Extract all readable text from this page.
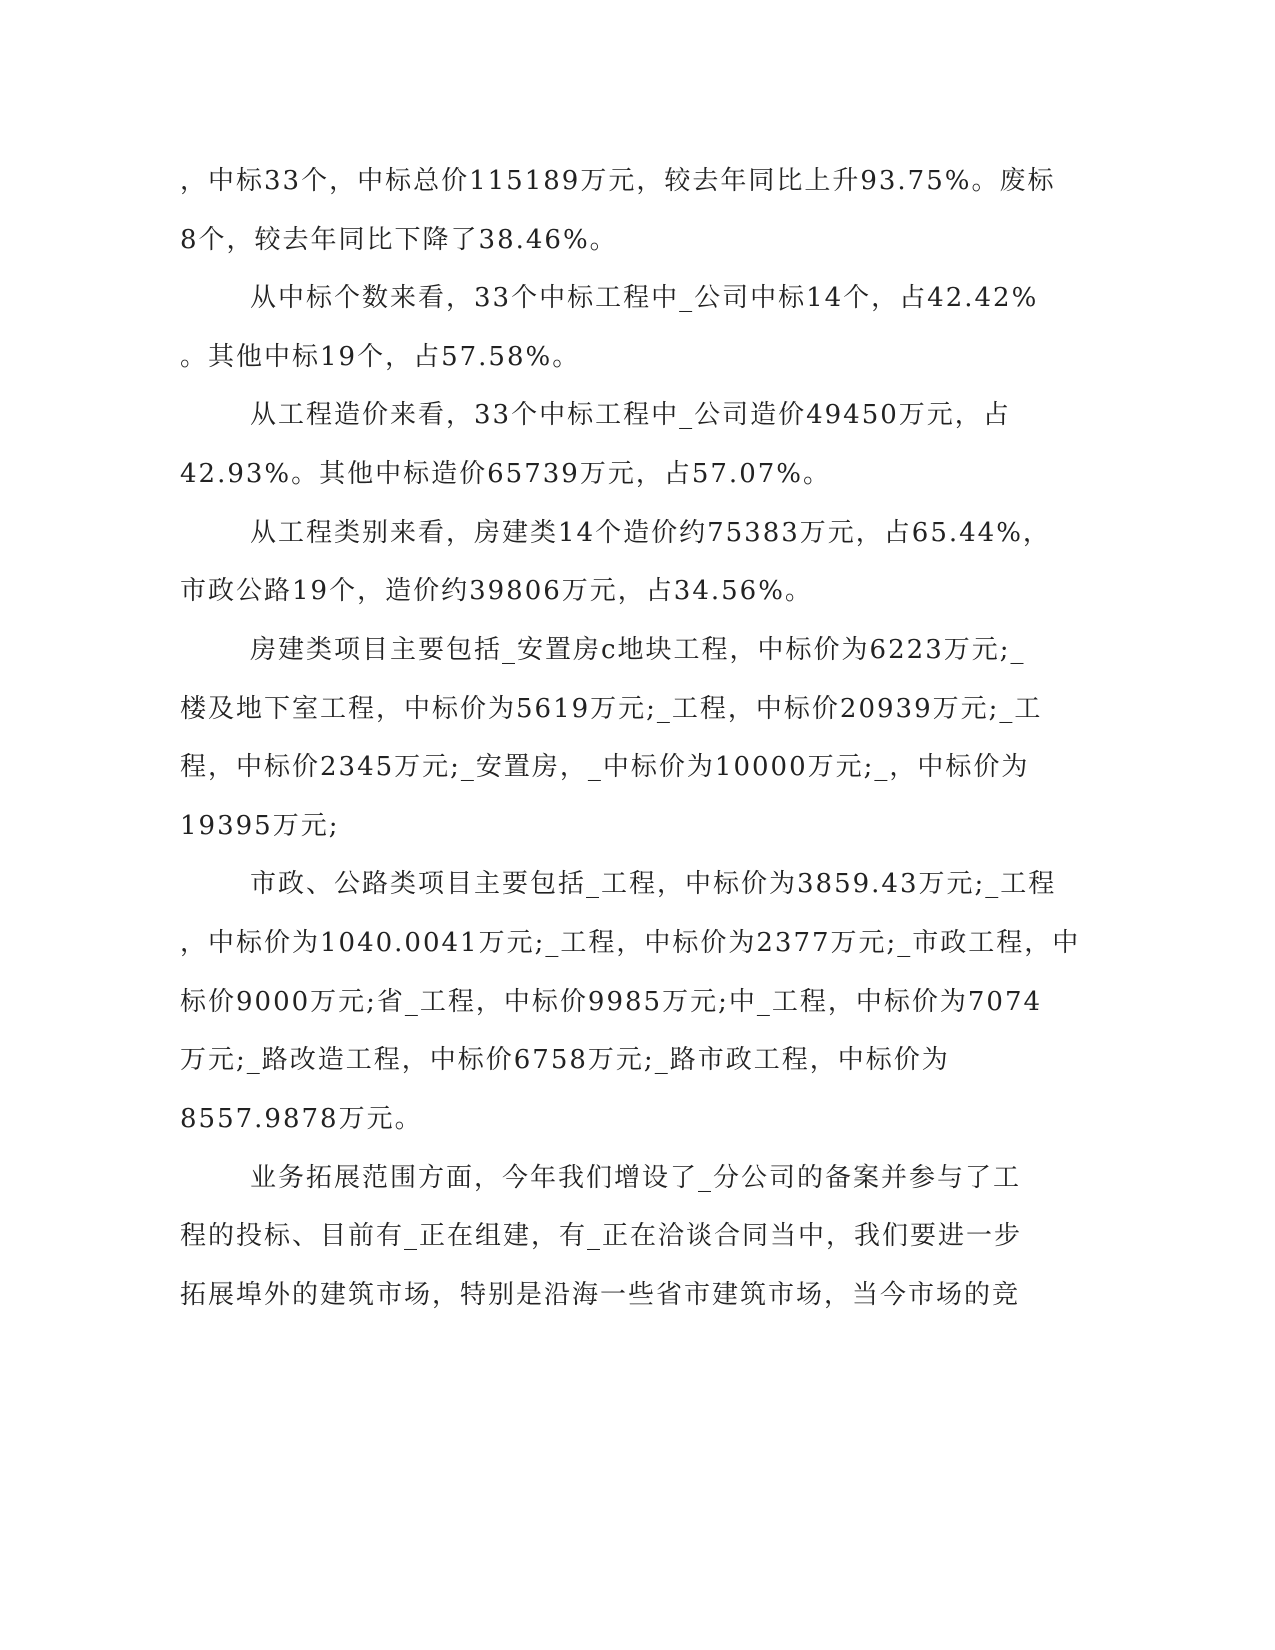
，中标33个，中标总价115189万元，较去年同比上升93.75%。废标
8个，较去年同比下降了38.46%。
从中标个数来看，33个中标工程中_公司中标14个，占42.42%
。其他中标19个，占57.58%。
从工程造价来看，33个中标工程中_公司造价49450万元，占
42.93%。其他中标造价65739万元，占57.07%。
从工程类别来看，房建类14个造价约75383万元，占65.44%，
市政公路19个，造价约39806万元，占34.56%。
房建类项目主要包括_安置房c地块工程，中标价为6223万元;_
楼及地下室工程，中标价为5619万元;_工程，中标价20939万元;_工
程，中标价2345万元;_安置房，_中标价为10000万元;_，中标价为
19395万元;
市政、公路类项目主要包括_工程，中标价为3859.43万元;_工程
，中标价为1040.0041万元;_工程，中标价为2377万元;_市政工程，中
标价9000万元;省_工程，中标价9985万元;中_工程，中标价为7074
万元;_路改造工程，中标价6758万元;_路市政工程，中标价为
8557.9878万元。
业务拓展范围方面，今年我们增设了_分公司的备案并参与了工
程的投标、目前有_正在组建，有_正在洽谈合同当中，我们要进一步
拓展埠外的建筑市场，特别是沿海一些省市建筑市场，当今市场的竞
